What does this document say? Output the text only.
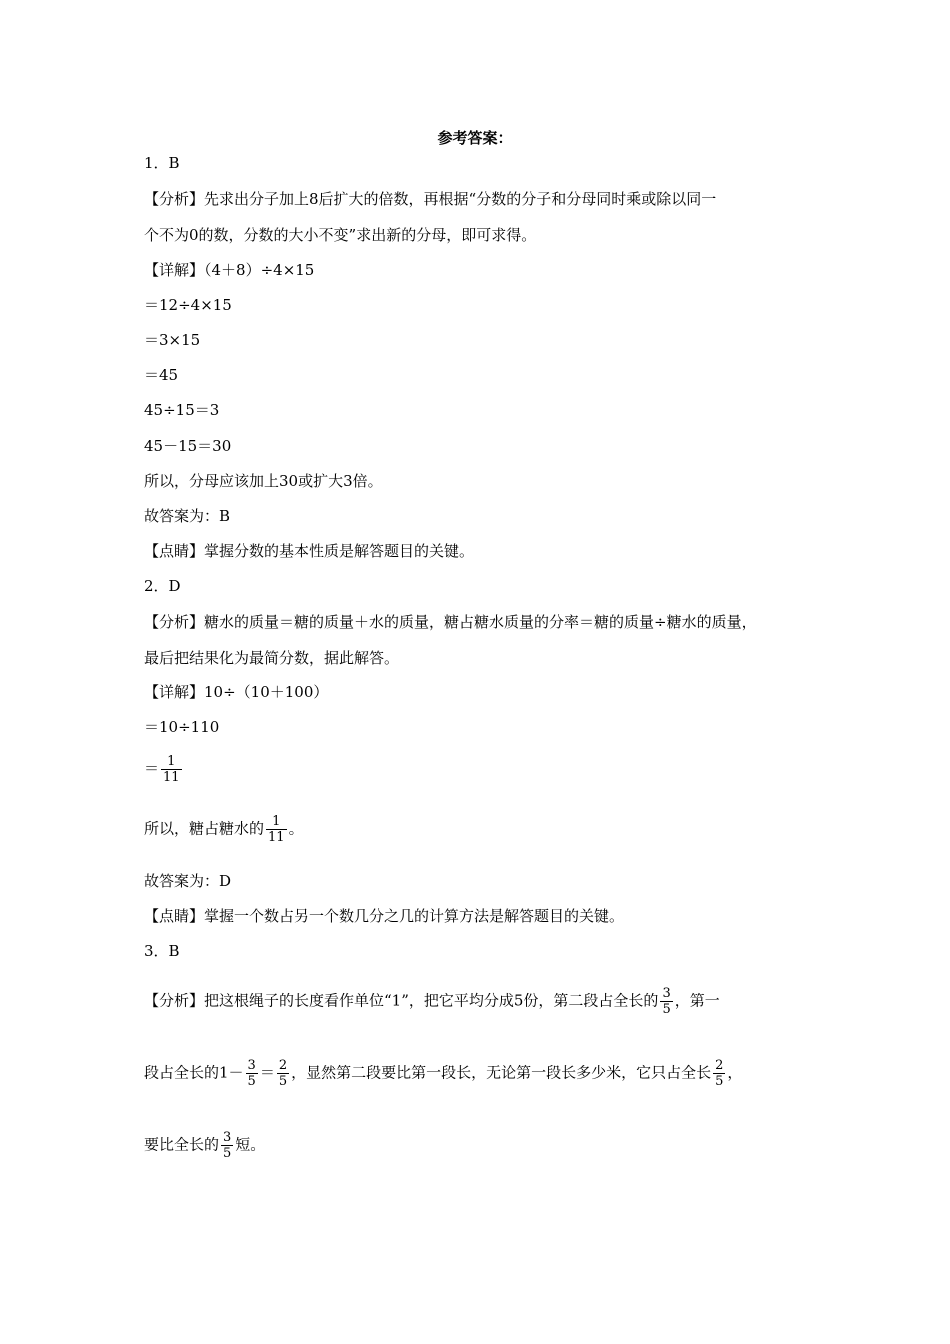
参考答案：
1．B
【分析】先求出分子加上8后扩大的倍数，再根据“分数的分子和分母同时乘或除以同一
个不为0的数，分数的大小不变”求出新的分母，即可求得。
【详解】（4＋8）÷4×15
＝12÷4×15
＝3×15
＝45
45÷15＝3
45－15＝30
所以，分母应该加上30或扩大3倍。
故答案为：B
【点睛】掌握分数的基本性质是解答题目的关键。
2．D
【分析】糖水的质量＝糖的质量＋水的质量，糖占糖水质量的分率＝糖的质量÷糖水的质量，
最后把结果化为最简分数，据此解答。
【详解】10÷（10＋100）
＝10÷110
＝ $\frac{1}{11}$
所以，糖占糖水的 $\frac{1}{11}$ 。
故答案为：D
【点睛】掌握一个数占另一个数几分之几的计算方法是解答题目的关键。
3．B
【分析】把这根绳子的长度看作单位“1”，把它平均分成5份，第二段占全长的 $\frac{3}{5}$ ，第一
段占全长的$1- \frac{3}{5} = \frac{2}{5}$ ，显然第二段要比第一段长，无论第一段长多少米，它只占全长 $\frac{2}{5}$ ，
要比全长的 $\frac{3}{5}$ 短。
